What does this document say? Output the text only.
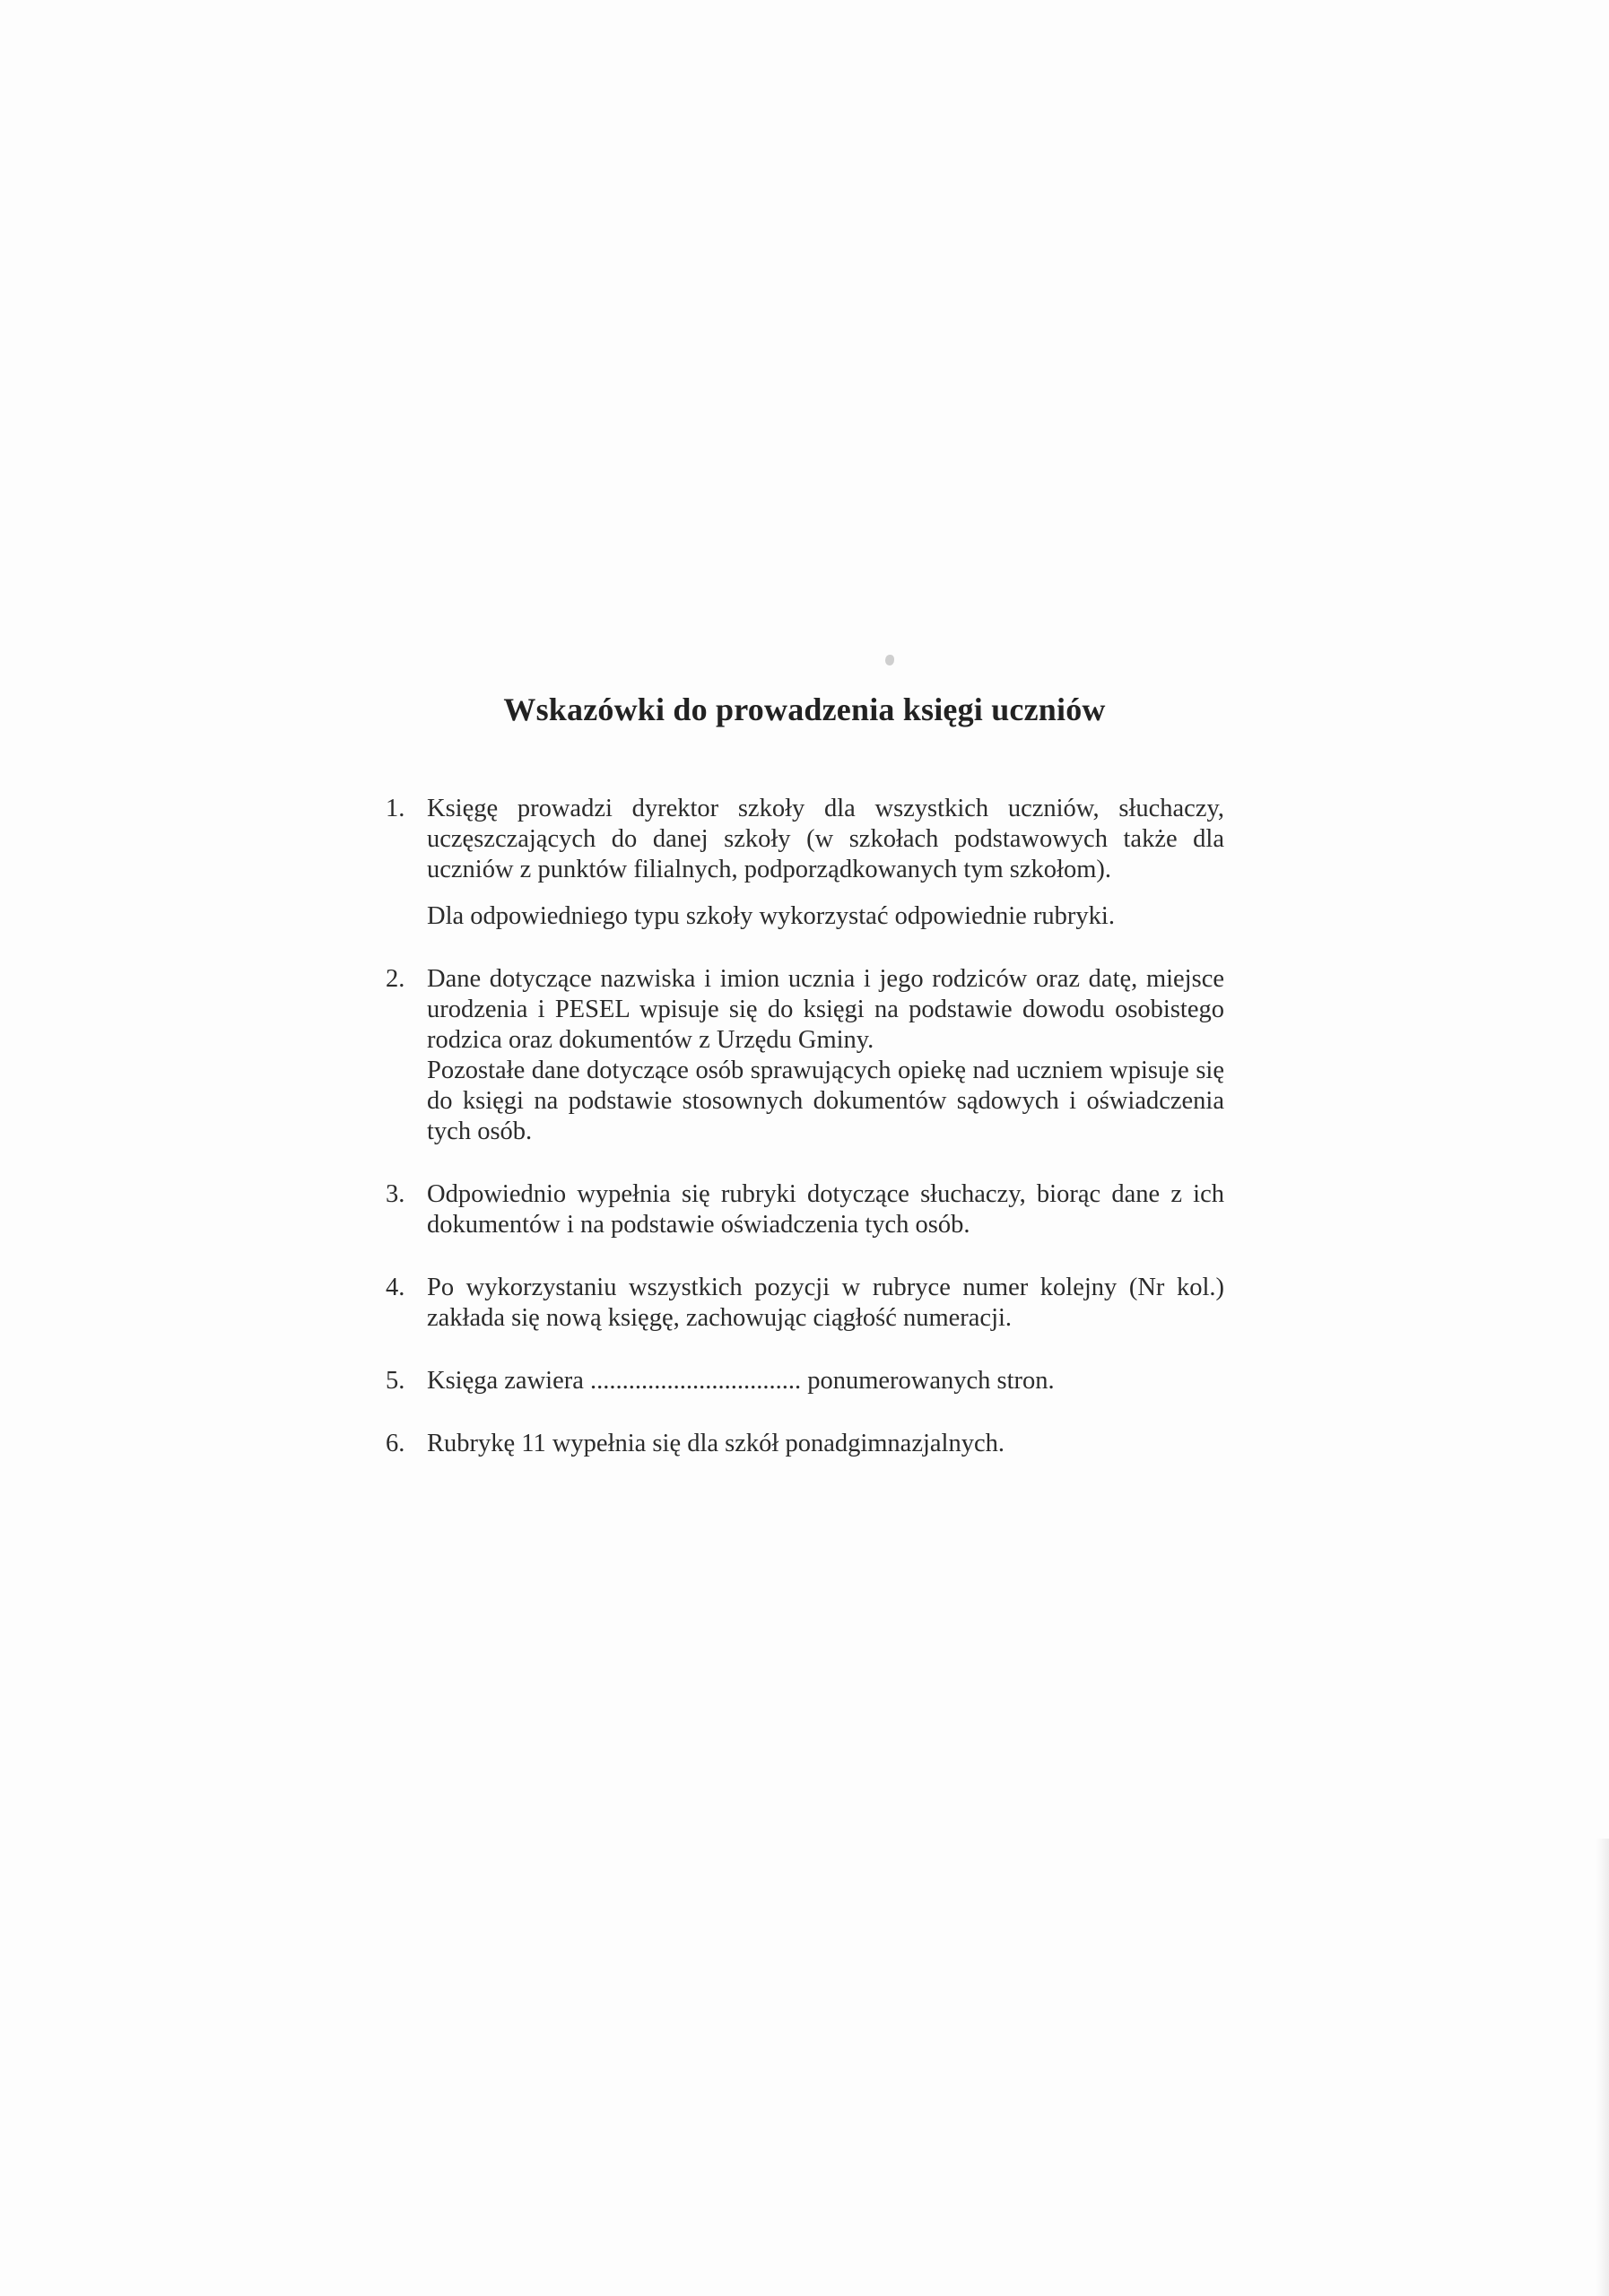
Wskazówki do prowadzenia księgi uczniów
1. Księgę prowadzi dyrektor szkoły dla wszystkich uczniów, słuchaczy, uczęszczających do danej szkoły (w szkołach podstawowych także dla uczniów z punktów filialnych, podporządkowanych tym szkołom).

Dla odpowiedniego typu szkoły wykorzystać odpowiednie rubryki.

2. Dane dotyczące nazwiska i imion ucznia i jego rodziców oraz datę, miejsce urodzenia i PESEL wpisuje się do księgi na podstawie dowodu osobistego rodzica oraz dokumentów z Urzędu Gminy.

Pozostałe dane dotyczące osób sprawujących opiekę nad uczniem wpisuje się do księgi na podstawie stosownych dokumentów sądowych i oświadczenia tych osób.

3. Odpowiednio wypełnia się rubryki dotyczące słuchaczy, biorąc dane z ich dokumentów i na podstawie oświadczenia tych osób.

4. Po wykorzystaniu wszystkich pozycji w rubryce numer kolejny (Nr kol.) zakłada się nową księgę, zachowując ciągłość numeracji.

5. Księga zawiera ................................. ponumerowanych stron.

6. Rubrykę 11 wypełnia się dla szkół ponadgimnazjalnych.
